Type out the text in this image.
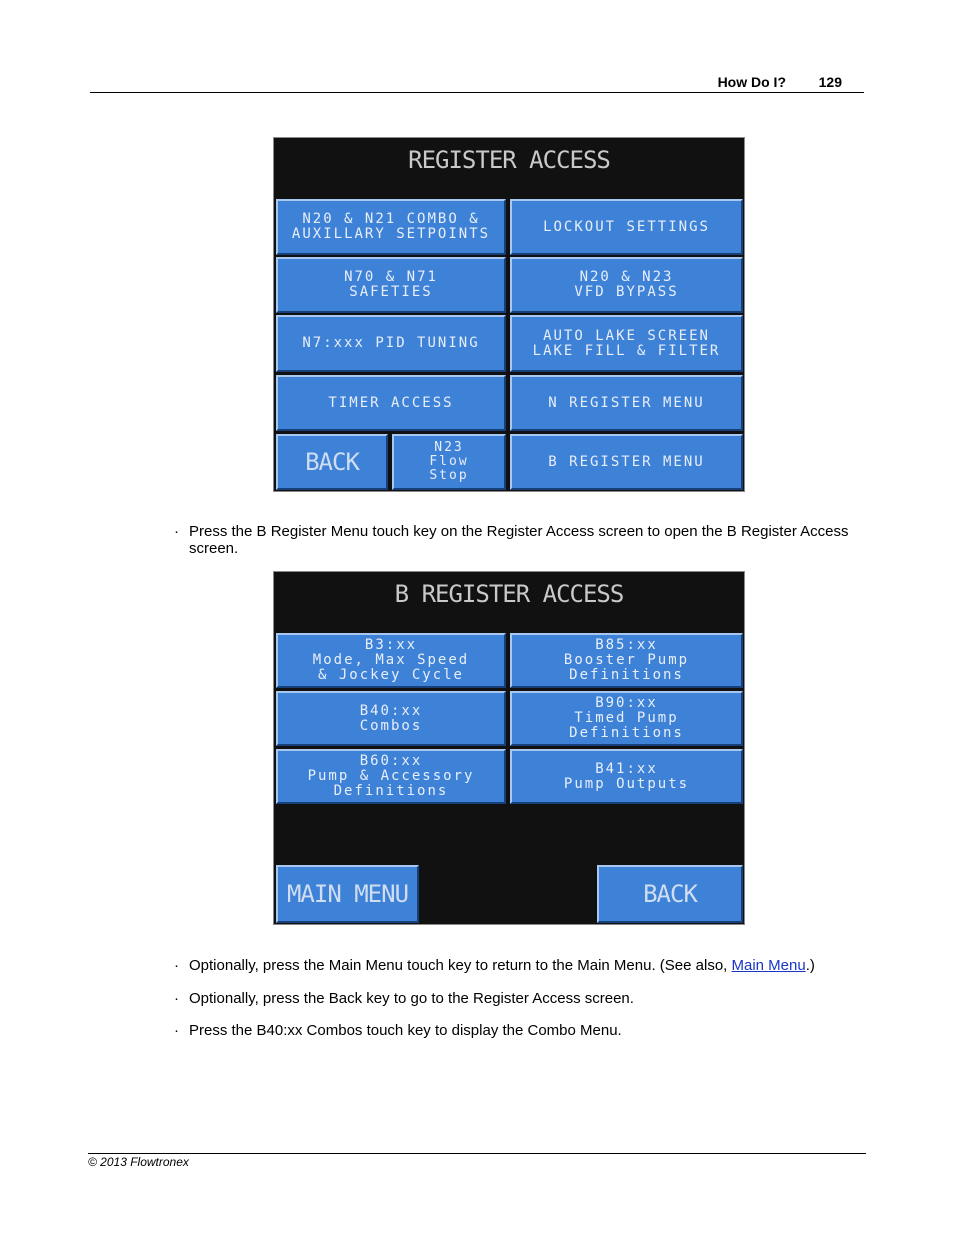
How Do I? 129
REGISTER ACCESS
N20 & N21 COMBO &
AUXILLARY SETPOINTS	LOCKOUT SETTINGS
N70 & N71
SAFETIES
N20 & N23
VFD BYPASS
N7:xxx PID TUNING	AUTO LAKE SCREEN
LAKE FILL & FILTER
TIMER ACCESS	N REGISTER MENU
BACK	N23
Flow
Stop
B REGISTER MENU
· Press the B Register Menu touch key on the Register Access screen to open the B Register Access screen.
B REGISTER ACCESS
B3:xx
Mode, Max Speed
& Jockey Cycle
B85:xx
Booster Pump
Definitions
B40:xx
Combos
B90:xx
Timed Pump
Definitions
B60:xx
Pump & Accessory
Definitions
B41:xx
Pump Outputs
MAIN MENU	BACK
· Optionally, press the Main Menu touch key to return to the Main Menu. (See also, Main Menu.)
· Optionally, press the Back key to go to the Register Access screen.
· Press the B40:xx Combos touch key to display the Combo Menu.
© 2013 Flowtronex
